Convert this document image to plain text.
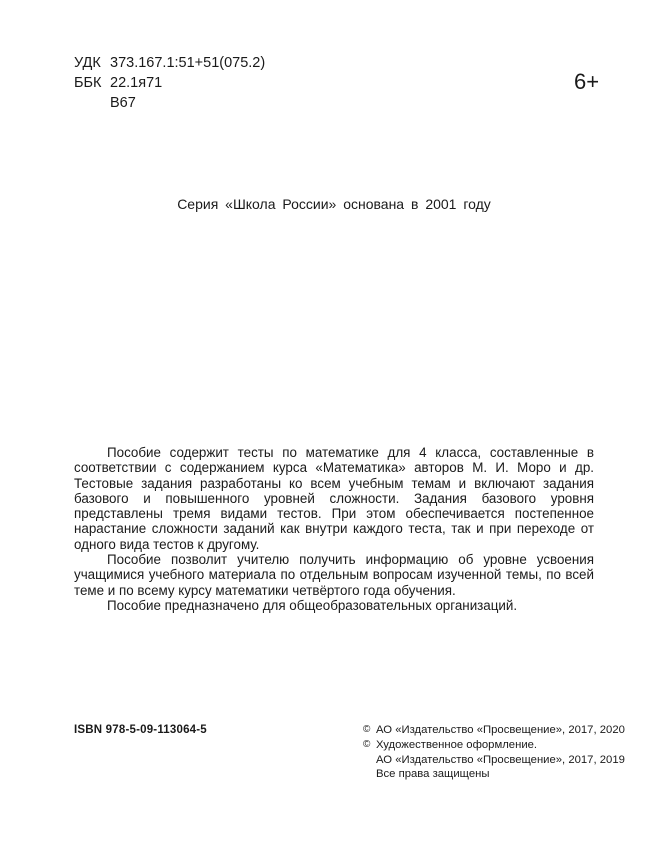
УДК 373.167.1:51+51(075.2)
ББК 22.1я71
В67
6+
Серия «Школа России» основана в 2001 году

Пособие содержит тесты по математике для 4 класса, составленные в соответствии с содержанием курса «Математика» авторов М. И. Моро и др. Тестовые задания разработаны ко всем учебным темам и включают задания базового и повышенного уровней сложности. Задания базового уровня представлены тремя видами тестов. При этом обеспечивается постепенное нарастание сложности заданий как внутри каждого теста, так и при переходе от одного вида тестов к другому.

Пособие позволит учителю получить информацию об уровне усвоения учащимися учебного материала по отдельным вопросам изученной темы, по всей теме и по всему курсу математики четвёртого года обучения.

Пособие предназначено для общеобразовательных организаций.

ISBN 978-5-09-113064-5	© АО «Издательство «Просвещение», 2017, 2020
© Художественное оформление.
АО «Издательство «Просвещение», 2017, 2019
Все права защищены
